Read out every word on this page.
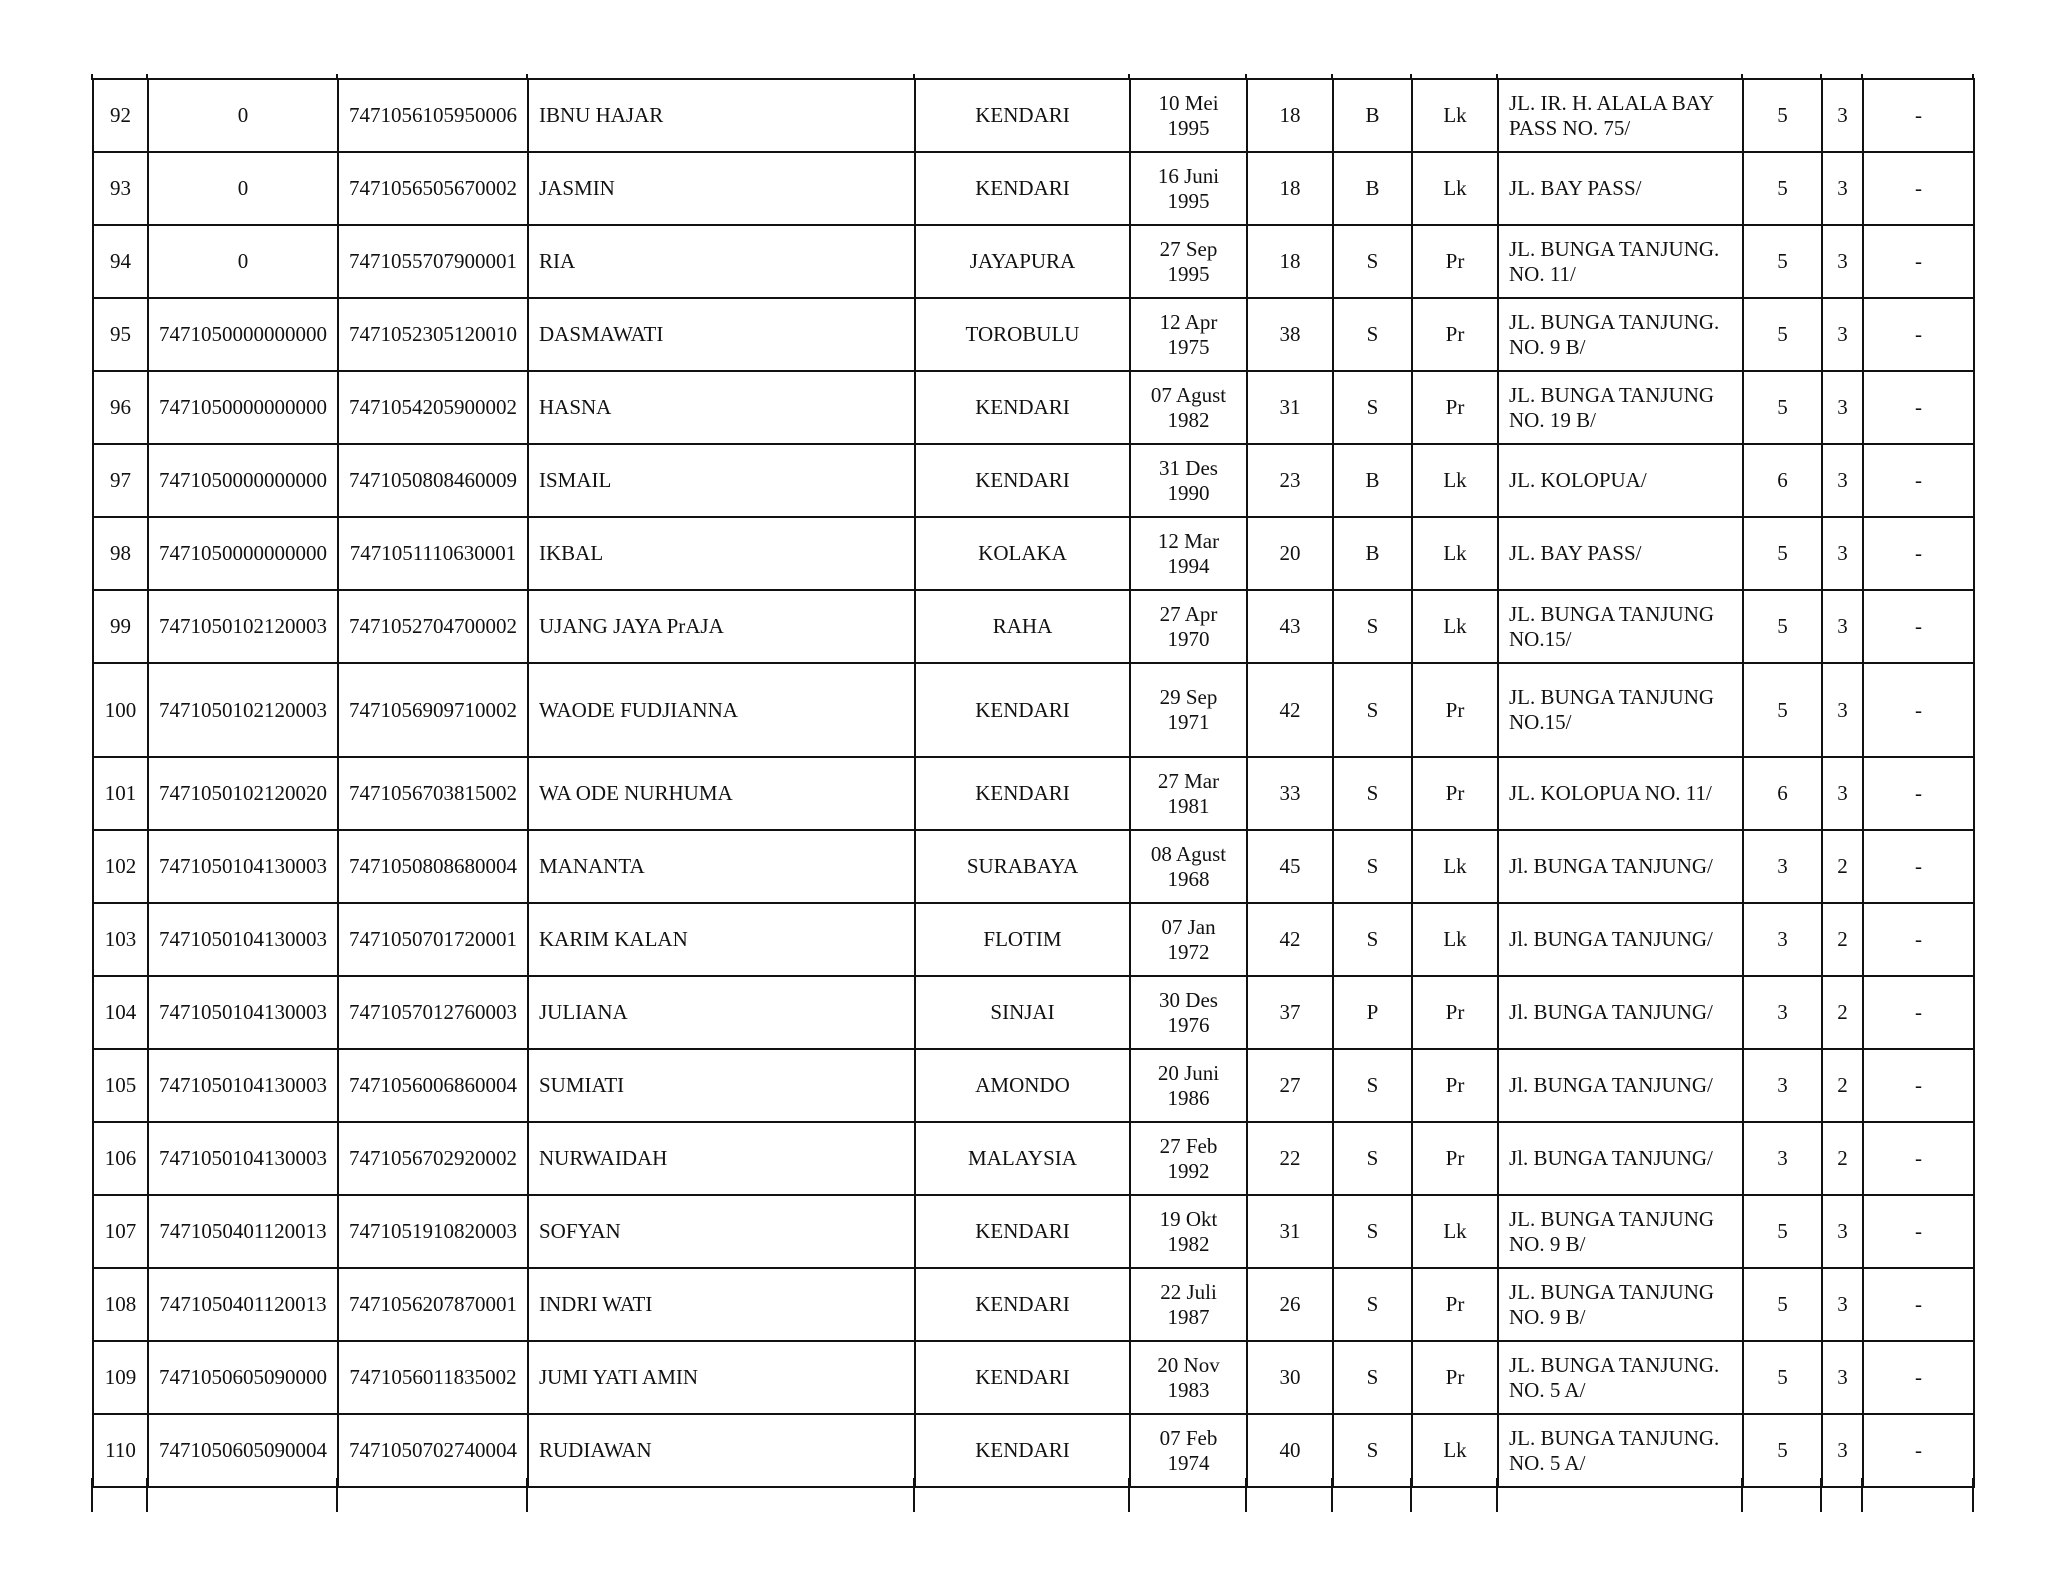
92	0	7471056105950006	IBNU HAJAR	KENDARI	10 Mei
1995	18	B	Lk	JL. IR. H. ALALA BAY
PASS NO. 75/	5	3	-
93	0	7471056505670002	JASMIN	KENDARI	16 Juni
1995	18	B	Lk	JL. BAY PASS/	5	3	-
94	0	7471055707900001	RIA	JAYAPURA	27 Sep
1995	18	S	Pr	JL. BUNGA TANJUNG.
NO. 11/	5	3	-
95	7471050000000000	7471052305120010	DASMAWATI	TOROBULU	12 Apr
1975	38	S	Pr	JL. BUNGA TANJUNG.
NO. 9 B/	5	3	-
96	7471050000000000	7471054205900002	HASNA	KENDARI	07 Agust
1982	31	S	Pr	JL. BUNGA TANJUNG
NO. 19 B/	5	3	-
97	7471050000000000	7471050808460009	ISMAIL	KENDARI	31 Des
1990	23	B	Lk	JL. KOLOPUA/	6	3	-
98	7471050000000000	7471051110630001	IKBAL	KOLAKA	12 Mar
1994	20	B	Lk	JL. BAY PASS/	5	3	-
99	7471050102120003	7471052704700002	UJANG JAYA PrAJA	RAHA	27 Apr
1970	43	S	Lk	JL. BUNGA TANJUNG
NO.15/	5	3	-
100	7471050102120003	7471056909710002	WAODE FUDJIANNA	KENDARI	29 Sep
1971	42	S	Pr	JL. BUNGA TANJUNG
NO.15/	5	3	-
101	7471050102120020	7471056703815002	WA ODE NURHUMA	KENDARI	27 Mar
1981	33	S	Pr	JL. KOLOPUA NO. 11/	6	3	-
102	7471050104130003	7471050808680004	MANANTA	SURABAYA	08 Agust
1968	45	S	Lk	Jl. BUNGA TANJUNG/	3	2	-
103	7471050104130003	7471050701720001	KARIM KALAN	FLOTIM	07 Jan
1972	42	S	Lk	Jl. BUNGA TANJUNG/	3	2	-
104	7471050104130003	7471057012760003	JULIANA	SINJAI	30 Des
1976	37	P	Pr	Jl. BUNGA TANJUNG/	3	2	-
105	7471050104130003	7471056006860004	SUMIATI	AMONDO	20 Juni
1986	27	S	Pr	Jl. BUNGA TANJUNG/	3	2	-
106	7471050104130003	7471056702920002	NURWAIDAH	MALAYSIA	27 Feb
1992	22	S	Pr	Jl. BUNGA TANJUNG/	3	2	-
107	7471050401120013	7471051910820003	SOFYAN	KENDARI	19 Okt
1982	31	S	Lk	JL. BUNGA TANJUNG
NO. 9 B/	5	3	-
108	7471050401120013	7471056207870001	INDRI WATI	KENDARI	22 Juli
1987	26	S	Pr	JL. BUNGA TANJUNG
NO. 9 B/	5	3	-
109	7471050605090000	7471056011835002	JUMI YATI AMIN	KENDARI	20 Nov
1983	30	S	Pr	JL. BUNGA TANJUNG.
NO. 5 A/	5	3	-
110	7471050605090004	7471050702740004	RUDIAWAN	KENDARI	07 Feb
1974	40	S	Lk	JL. BUNGA TANJUNG.
NO. 5 A/	5	3	-
